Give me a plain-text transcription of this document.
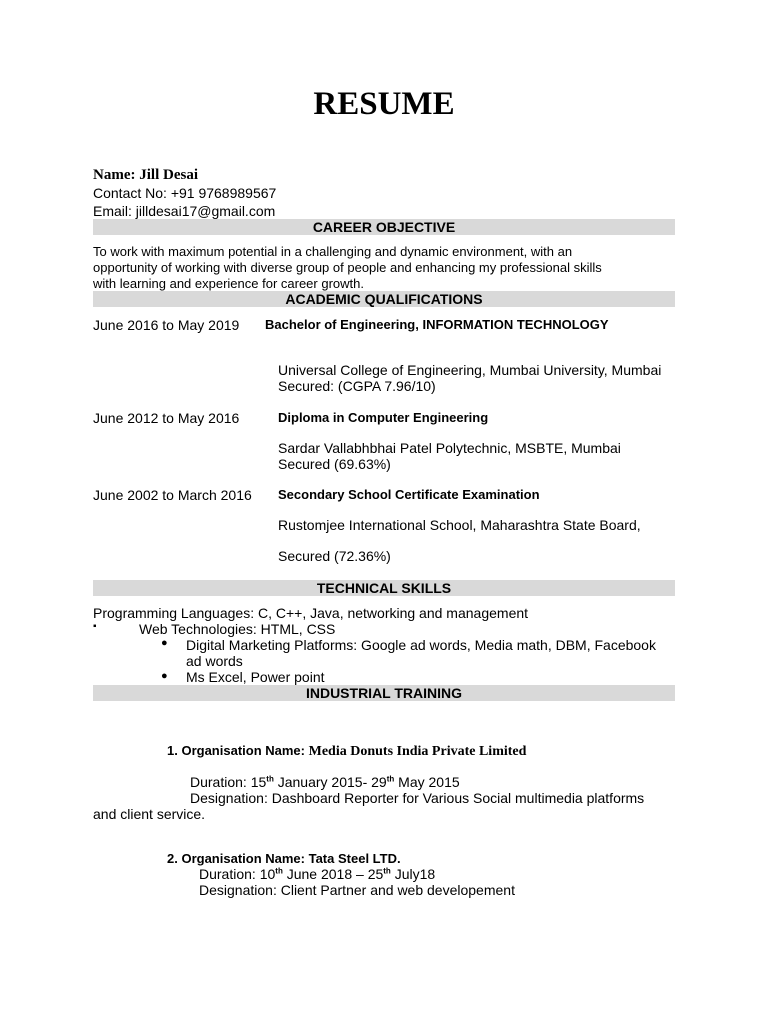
RESUME
Name: Jill Desai
Contact No: +91 9768989567
Email: jilldesai17@gmail.com
CAREER OBJECTIVE
To work with maximum potential in a challenging and dynamic environment, with an
opportunity of working with diverse group of people and enhancing my professional skills
with learning and experience for career growth.
ACADEMIC QUALIFICATIONS
June 2016 to May 2019 Bachelor of Engineering, INFORMATION TECHNOLOGY
Universal College of Engineering, Mumbai University, Mumbai
Secured: (CGPA 7.96/10)
June 2012 to May 2016	Diploma in Computer Engineering
Sardar Vallabhbhai Patel Polytechnic, MSBTE, Mumbai
Secured (69.63%)
June 2002 to March 2016 Secondary School Certificate Examination
Rustomjee International School, Maharashtra State Board,
Secured (72.36%)
TECHNICAL SKILLS
Programming Languages: C, C++, Java, networking and management
▪	Web Technologies: HTML, CSS
● Digital Marketing Platforms: Google ad words, Media math, DBM, Facebook
ad words
● Ms Excel, Power point
INDUSTRIAL TRAINING
1. Organisation Name: Media Donuts India Private Limited
Duration: 15th January 2015- 29th May 2015
Designation: Dashboard Reporter for Various Social multimedia platforms
and client service.
2. Organisation Name: Tata Steel LTD.
Duration: 10th June 2018 – 25th July18
Designation: Client Partner and web developement
